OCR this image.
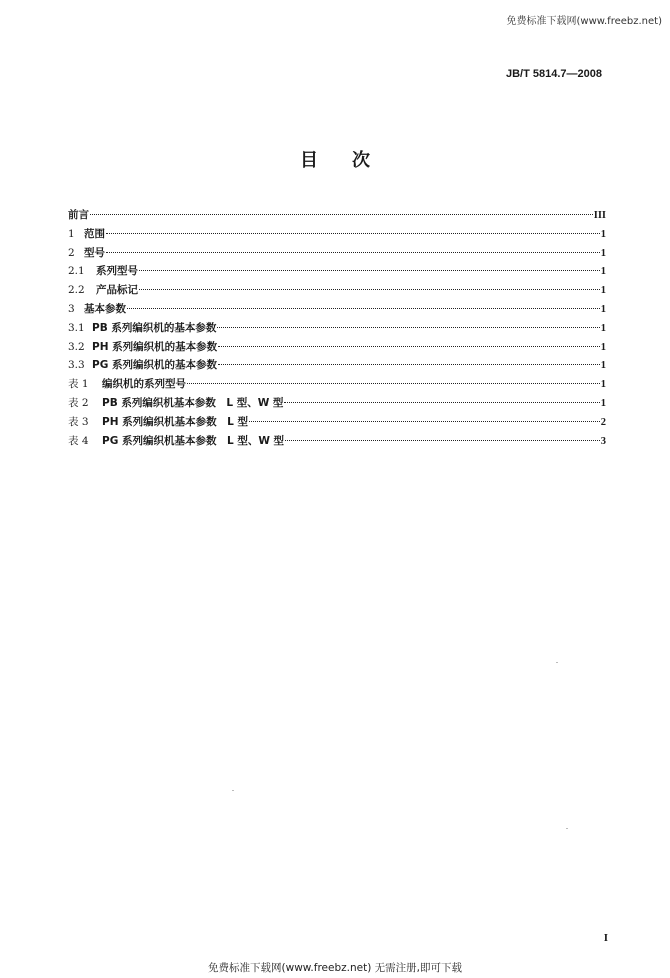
免费标准下载网(www.freebz.net)
JB/T 5814.7—2008
目次
前言	III
1 范围	1
2 型号	1
2.1	系列型号	1
2.2	产品标记	1
3 基本参数	1
3.1 PB 系列编织机的基本参数	1
3.2 PH 系列编织机的基本参数	1
3.3 PG 系列编织机的基本参数	1
表 1	编织机的系列型号	1
表 2	PB 系列编织机基本参数　L 型、W 型	1
表 3	PH 系列编织机基本参数　L 型	2
表 4	PG 系列编织机基本参数　L 型、W 型	3
I
免费标准下载网(www.freebz.net) 无需注册,即可下载
